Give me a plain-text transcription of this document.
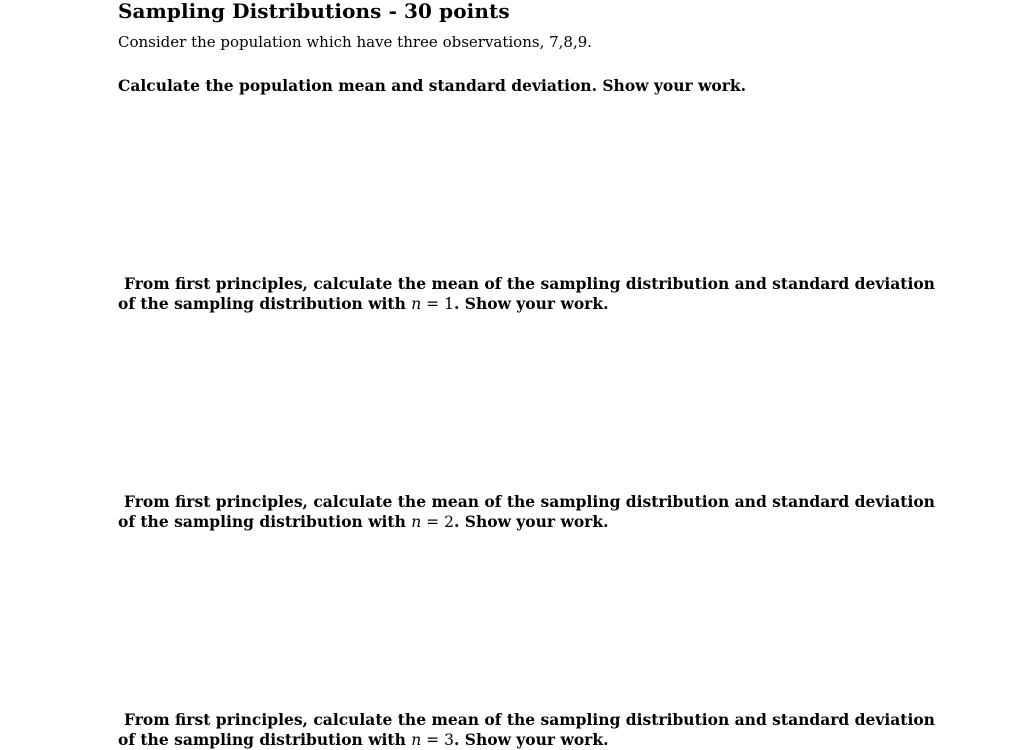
Sampling Distributions - 30 points

Consider the population which have three observations, 7,8,9.

Calculate the population mean and standard deviation. Show your work.

From first principles, calculate the mean of the sampling distribution and standard deviation
of the sampling distribution with n = 1. Show your work.

From first principles, calculate the mean of the sampling distribution and standard deviation
of the sampling distribution with n = 2. Show your work.

From first principles, calculate the mean of the sampling distribution and standard deviation
of the sampling distribution with n = 3. Show your work.
